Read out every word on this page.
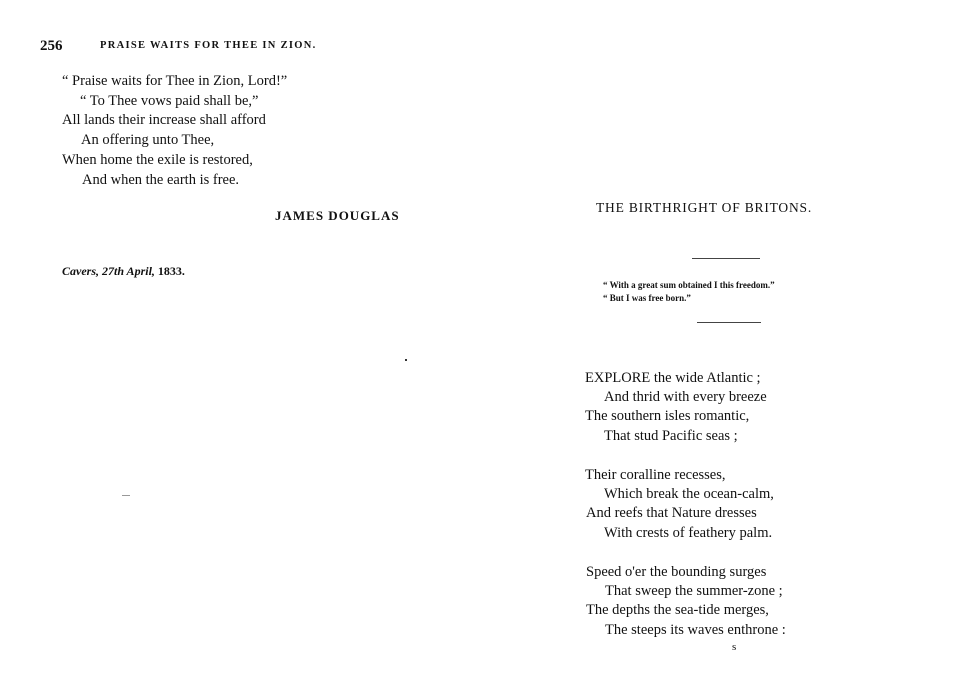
256	PRAISE WAITS FOR THEE IN ZION.
“ Praise waits for Thee in Zion, Lord!”
“ To Thee vows paid shall be,”
All lands their increase shall afford
An offering unto Thee,
When home the exile is restored,
And when the earth is free.
JAMES DOUGLAS
Cavers, 27th April, 1833.
THE BIRTHRIGHT OF BRITONS.
“ With a great sum obtained I this freedom.”
“ But I was free born.”
EXPLORE the wide Atlantic ;
And thrid with every breeze
The southern isles romantic,
That stud Pacific seas ;
Their coralline recesses,
Which break the ocean-calm,
And reefs that Nature dresses
With crests of feathery palm.
Speed o'er the bounding surges
That sweep the summer-zone ;
The depths the sea-tide merges,
The steeps its waves enthrone :
s
